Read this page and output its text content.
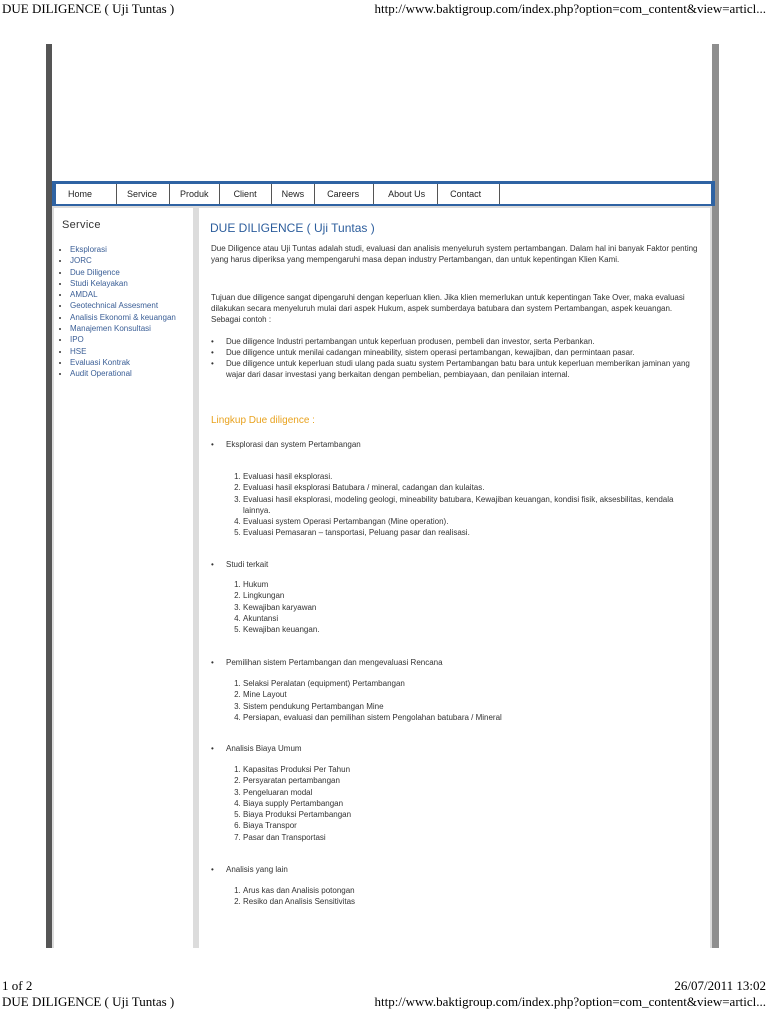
DUE DILIGENCE ( Uji Tuntas )	http://www.baktigroup.com/index.php?option=com_content&view=articl...
Home	Service	Produk	Client	News	Careers	About Us	Contact
Service
• Eksplorasi
• JORC
• Due Diligence
• Studi Kelayakan
• AMDAL
• Geotechnical Assesment
• Analisis Ekonomi & keuangan
• Manajemen Konsultasi
• IPO
• HSE
• Evaluasi Kontrak
• Audit Operational
DUE DILIGENCE ( Uji Tuntas )

Due Diligence atau Uji Tuntas adalah studi, evaluasi dan analisis menyeluruh system pertambangan. Dalam hal ini banyak Faktor penting yang harus diperiksa yang mempengaruhi masa depan industry Pertambangan, dan untuk kepentingan Klien Kami.

Tujuan due diligence sangat dipengaruhi dengan keperluan klien. Jika klien memerlukan untuk kepentingan Take Over, maka evaluasi dilakukan secara menyeluruh mulai dari aspek Hukum, aspek sumberdaya batubara dan system Pertambangan, aspek keuangan. Sebagai contoh :

• Due diligence Industri pertambangan untuk keperluan produsen, pembeli dan investor, serta Perbankan.
• Due diligence untuk menilai cadangan mineability, sistem operasi pertambangan, kewajiban, dan permintaan pasar.
• Due diligence untuk keperluan studi ulang pada suatu system Pertambangan batu bara untuk keperluan memberikan jaminan yang wajar dari dasar investasi yang berkaitan dengan pembelian, pembiayaan, dan penilaian internal.
Lingkup Due diligence :
• Eksplorasi dan system Pertambangan
1. Evaluasi hasil eksplorasi.
2. Evaluasi hasil eksplorasi Batubara / mineral, cadangan dan kulaitas.
3. Evaluasi hasil eksplorasi, modeling geologi, mineability batubara, Kewajiban keuangan, kondisi fisik, aksesbilitas, kendala lainnya.
4. Evaluasi system Operasi Pertambangan (Mine operation).
5. Evaluasi Pemasaran – tansportasi, Peluang pasar dan realisasi.
• Studi terkait
1. Hukum
2. Lingkungan
3. Kewajiban karyawan
4. Akuntansi
5. Kewajiban keuangan.
• Pemilihan sistem Pertambangan dan mengevaluasi Rencana
1. Selaksi Peralatan (equipment) Pertambangan
2. Mine Layout
3. Sistem pendukung Pertambangan Mine
4. Persiapan, evaluasi dan pemilihan sistem Pengolahan batubara / Mineral
• Analisis Biaya Umum
1. Kapasitas Produksi Per Tahun
2. Persyaratan pertambangan
3. Pengeluaran modal
4. Biaya supply Pertambangan
5. Biaya Produksi Pertambangan
6. Biaya Transpor
7. Pasar dan Transportasi
• Analisis yang lain
1. Arus kas dan Analisis potongan
2. Resiko dan Analisis Sensitivitas
1 of 2	26/07/2011 13:02
DUE DILIGENCE ( Uji Tuntas )	http://www.baktigroup.com/index.php?option=com_content&view=articl...
